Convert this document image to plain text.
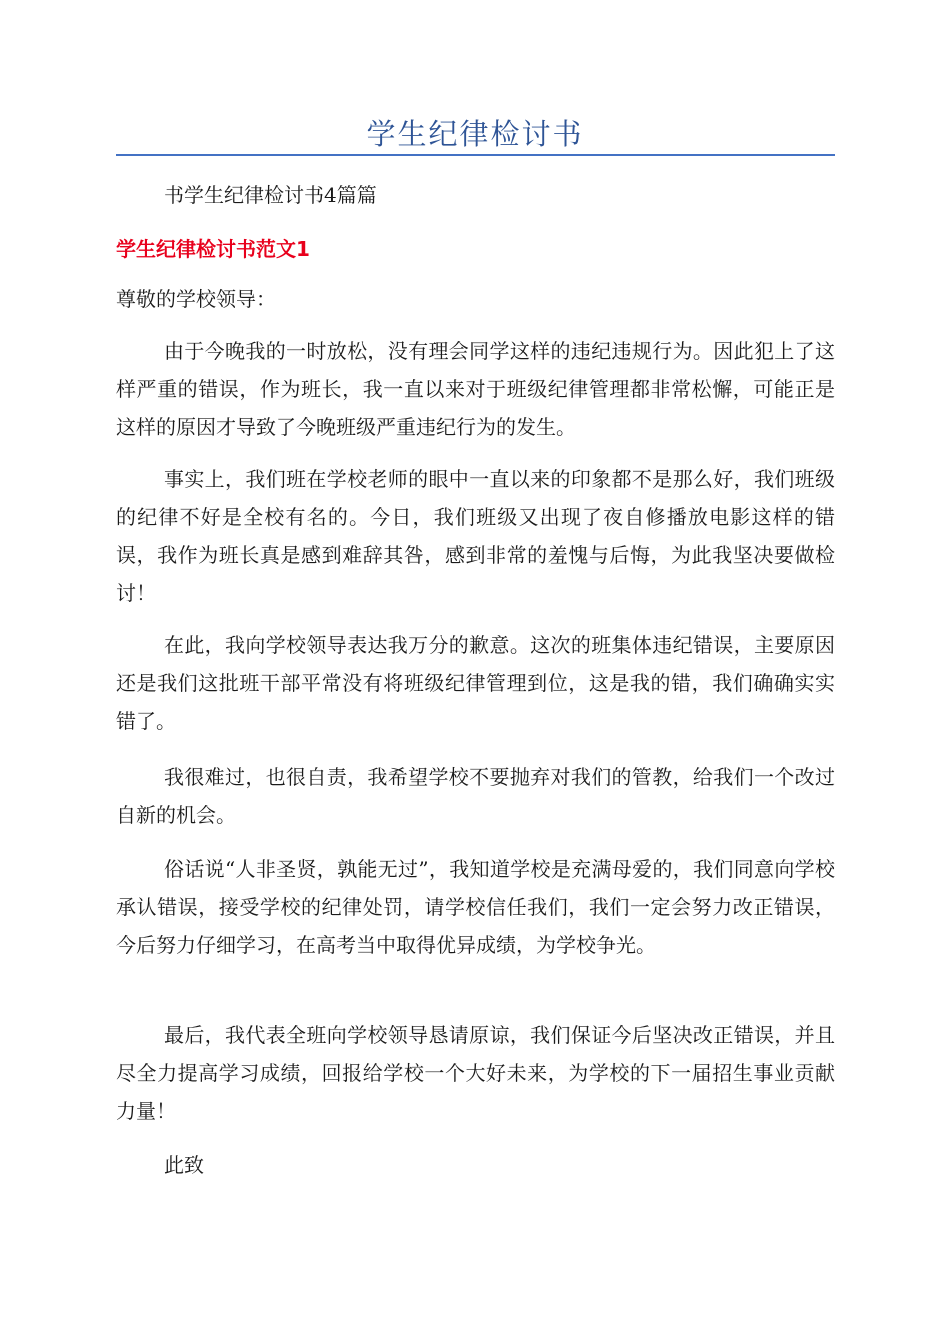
学生纪律检讨书
书学生纪律检讨书4篇篇
学生纪律检讨书范文1
尊敬的学校领导：
由于今晚我的一时放松，没有理会同学这样的违纪违规行为。因此犯上了这样严重的错误，作为班长，我一直以来对于班级纪律管理都非常松懈，可能正是这样的原因才导致了今晚班级严重违纪行为的发生。
事实上，我们班在学校老师的眼中一直以来的印象都不是那么好，我们班级的纪律不好是全校有名的。今日，我们班级又出现了夜自修播放电影这样的错误，我作为班长真是感到难辞其咎，感到非常的羞愧与后悔，为此我坚决要做检讨！
在此，我向学校领导表达我万分的歉意。这次的班集体违纪错误，主要原因还是我们这批班干部平常没有将班级纪律管理到位，这是我的错，我们确确实实错了。
我很难过，也很自责，我希望学校不要抛弃对我们的管教，给我们一个改过自新的机会。
俗话说“人非圣贤，孰能无过”，我知道学校是充满母爱的，我们同意向学校承认错误，接受学校的纪律处罚，请学校信任我们，我们一定会努力改正错误，今后努力仔细学习，在高考当中取得优异成绩，为学校争光。
最后，我代表全班向学校领导恳请原谅，我们保证今后坚决改正错误，并且尽全力提高学习成绩，回报给学校一个大好未来，为学校的下一届招生事业贡献力量！
此致
